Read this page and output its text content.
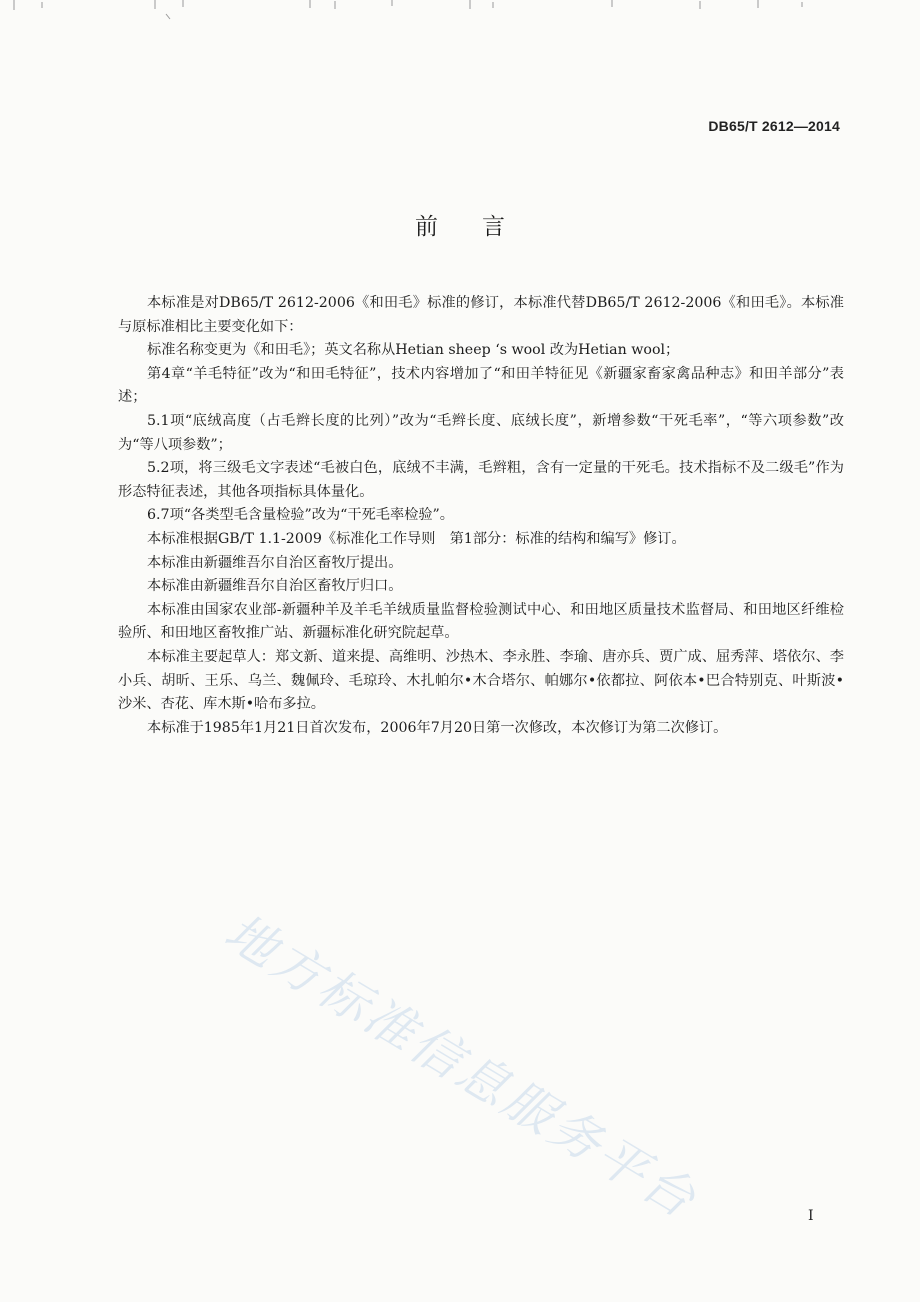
DB65/T 2612—2014
前言

本标准是对DB65/T 2612-2006《和田毛》标准的修订，本标准代替DB65/T 2612-2006《和田毛》。本标准与原标准相比主要变化如下：

标准名称变更为《和田毛》；英文名称从Hetian sheep ‘s wool 改为Hetian wool；

第4章“羊毛特征”改为“和田毛特征”，技术内容增加了“和田羊特征见《新疆家畜家禽品种志》和田羊部分”表述；

5.1项“底绒高度（占毛辫长度的比列）”改为“毛辫长度、底绒长度”，新增参数“干死毛率”，“等六项参数”改为“等八项参数”；

5.2项，将三级毛文字表述“毛被白色，底绒不丰满，毛辫粗，含有一定量的干死毛。技术指标不及二级毛”作为形态特征表述，其他各项指标具体量化。

6.7项“各类型毛含量检验”改为“干死毛率检验”。

本标准根据GB/T 1.1-2009《标准化工作导则　第1部分：标准的结构和编写》修订。

本标准由新疆维吾尔自治区畜牧厅提出。

本标准由新疆维吾尔自治区畜牧厅归口。

本标准由国家农业部-新疆种羊及羊毛羊绒质量监督检验测试中心、和田地区质量技术监督局、和田地区纤维检验所、和田地区畜牧推广站、新疆标准化研究院起草。

本标准主要起草人：郑文新、道来提、高维明、沙热木、李永胜、李瑜、唐亦兵、贾广成、屈秀萍、塔依尔、李小兵、胡昕、王乐、乌兰、魏佩玲、毛琼玲、木扎帕尔•木合塔尔、帕娜尔•依都拉、阿依本•巴合特别克、叶斯波•沙米、杏花、库木斯•哈布多拉。

本标准于1985年1月21日首次发布，2006年7月20日第一次修改，本次修订为第二次修订。

地方标准信息服务平台	I
